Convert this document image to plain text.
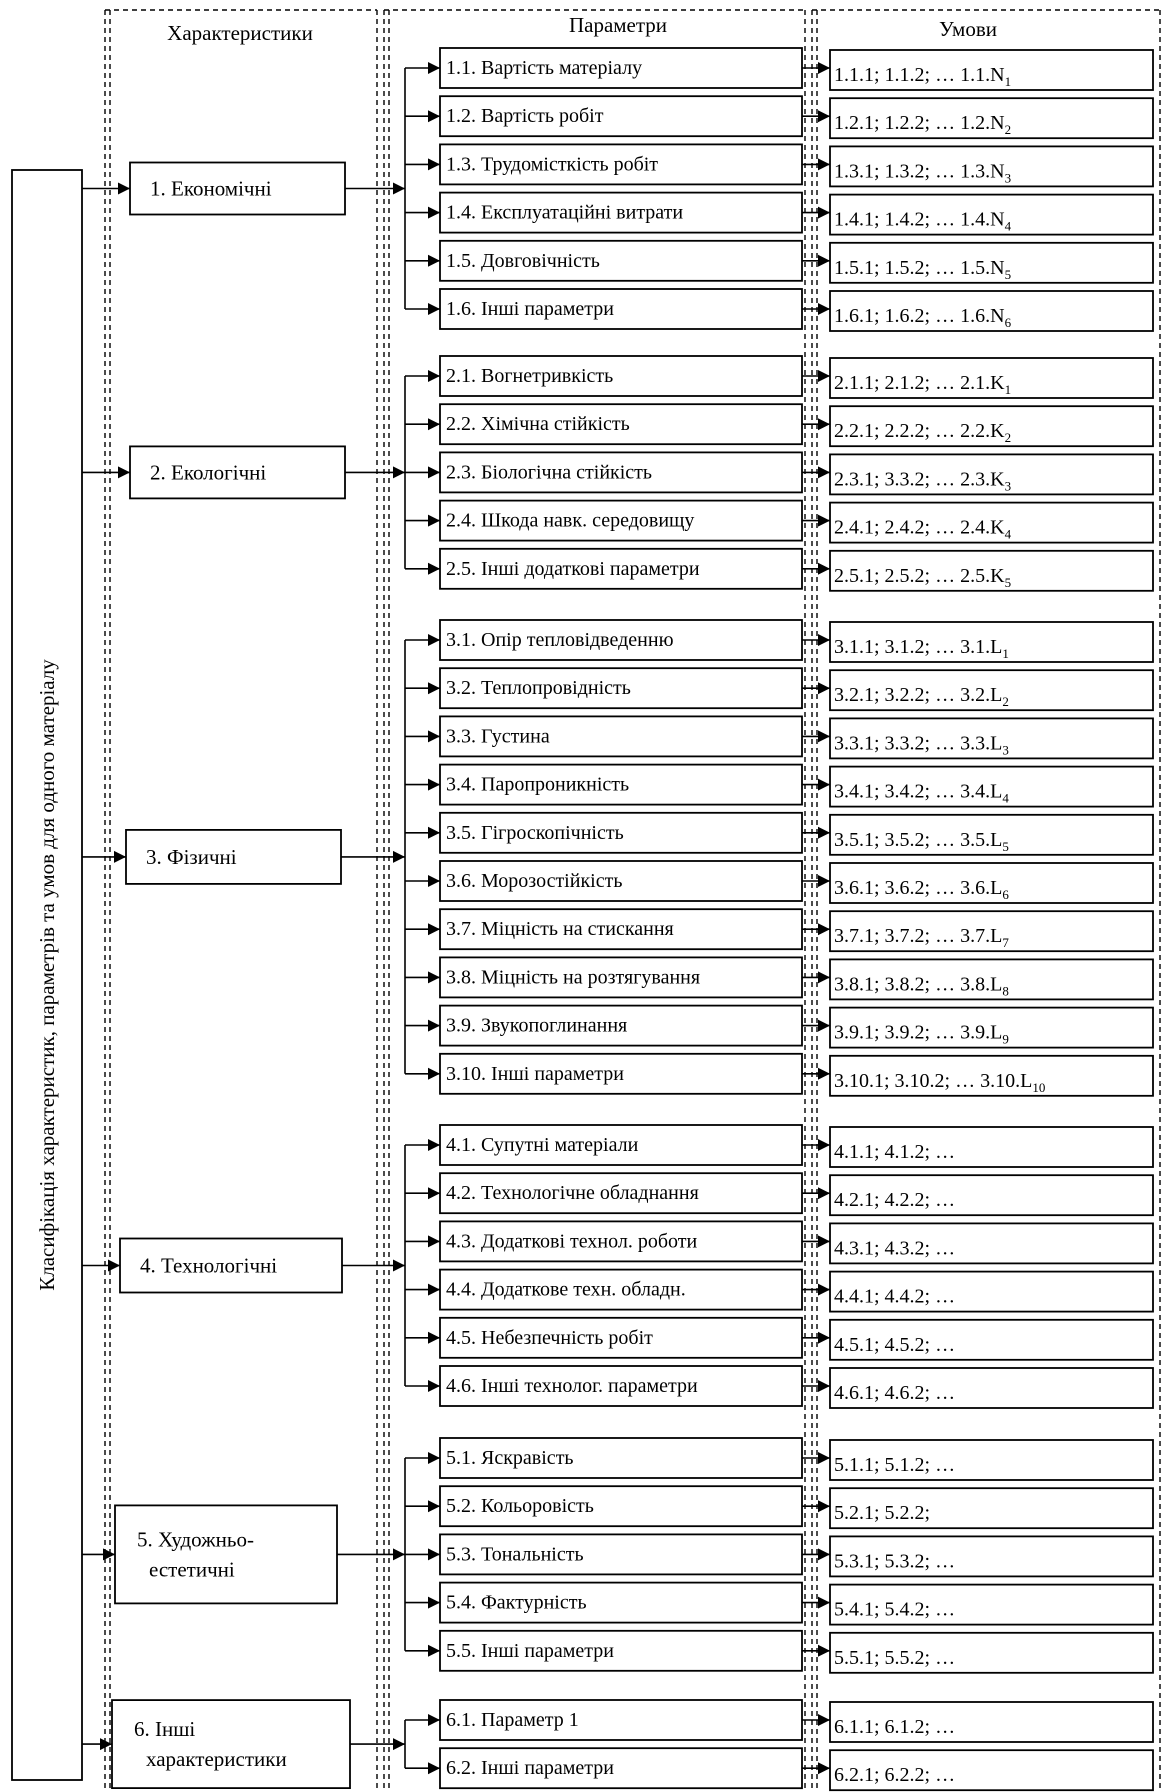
Характеристики	Параметри	Умови
Класифікація характеристик, параметрів та умов для одного матеріалу
1. Економічні
1.1. Вартість матеріалу	1.1.1; 1.1.2; … $1.1.N_1$
1.2. Вартість робіт	1.2.1; 1.2.2; … $1.2.N_2$
1.3. Трудомісткість робіт	1.3.1; 1.3.2; … $1.3.N_3$
1.4. Експлуатаційні витрати	1.4.1; 1.4.2; … $1.4.N_4$
1.5. Довговічність	1.5.1; 1.5.2; … $1.5.N_5$
1.6. Інші параметри	1.6.1; 1.6.2; … $1.6.N_6$
2. Екологічні
2.1. Вогнетривкість	2.1.1; 2.1.2; … $2.1.K_1$
2.2. Хімічна стійкість	2.2.1; 2.2.2; … $2.2.K_2$
2.3. Біологічна стійкість	2.3.1; 3.3.2; … $2.3.K_3$
2.4. Шкода навк. середовищу	2.4.1; 2.4.2; … $2.4.K_4$
2.5. Інші додаткові параметри	2.5.1; 2.5.2; … $2.5.K_5$
3. Фізичні
3.1. Опір тепловідведенню	3.1.1; 3.1.2; … $3.1.L_1$
3.2. Теплопровідність	3.2.1; 3.2.2; … $3.2.L_2$
3.3. Густина	3.3.1; 3.3.2; … $3.3.L_3$
3.4. Паропроникність	3.4.1; 3.4.2; … $3.4.L_4$
3.5. Гігроскопічність	3.5.1; 3.5.2; … $3.5.L_5$
3.6. Морозостійкість	3.6.1; 3.6.2; … $3.6.L_6$
3.7. Міцність на стискання	3.7.1; 3.7.2; … $3.7.L_7$
3.8. Міцність на розтягування	3.8.1; 3.8.2; … $3.8.L_8$
3.9. Звукопоглинання	3.9.1; 3.9.2; … $3.9.L_9$
3.10. Інші параметри	3.10.1; 3.10.2; … $3.10.L_{10}$
4. Технологічні
4.1. Супутні матеріали	4.1.1; 4.1.2; …
4.2. Технологічне обладнання	4.2.1; 4.2.2; …
4.3. Додаткові технол. роботи	4.3.1; 4.3.2; …
4.4. Додаткове техн. обладн.	4.4.1; 4.4.2; …
4.5. Небезпечність робіт	4.5.1; 4.5.2; …
4.6. Інші технолог. параметри	4.6.1; 4.6.2; …
5. Художньо-
естетичні
5.1. Яскравість	5.1.1; 5.1.2; …
5.2. Кольоровість	5.2.1; 5.2.2;
5.3. Тональність	5.3.1; 5.3.2; …
5.4. Фактурність	5.4.1; 5.4.2; …
5.5. Інші параметри	5.5.1; 5.5.2; …
6. Інші
характеристики
6.1. Параметр 1	6.1.1; 6.1.2; …
6.2. Інші параметри	6.2.1; 6.2.2; …
